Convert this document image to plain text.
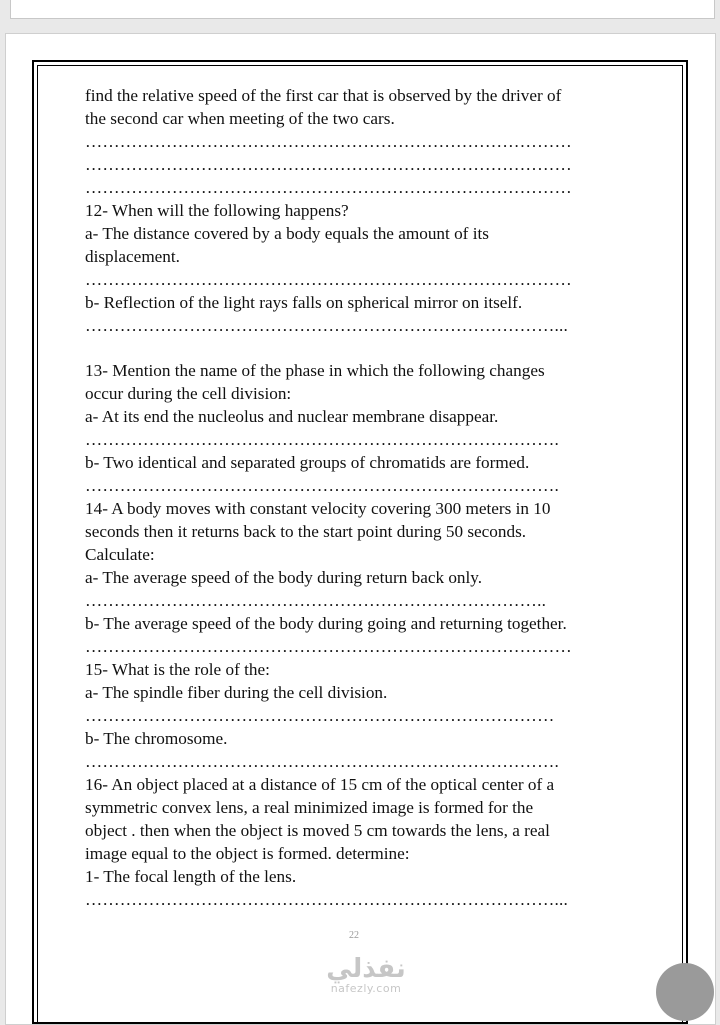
find the relative speed of the first car that is observed by the driver of
the second car when meeting of the two cars.
…………………………………………………………………………
…………………………………………………………………………
…………………………………………………………………………
12- When will the following happens?
a- The distance covered by a body equals the amount of its
displacement.
…………………………………………………………………………
b- Reflection of the light rays falls on spherical mirror on itself.
………………………………………………………………………...
13- Mention the name of the phase in which the following changes
occur during the cell division:
a- At its end the nucleolus and nuclear membrane disappear.
……………………………………………………………………….
b- Two identical and separated groups of chromatids are formed.
……………………………………………………………………….
14- A body moves with constant velocity covering 300 meters in 10
seconds then it returns back to the start point during 50 seconds.
Calculate:
a- The average speed of the body during return back only.
……………………………………………………………………..
b- The average speed of the body during going and returning together.
…………………………………………………………………………
15- What is the role of the:
a- The spindle fiber during the cell division.
………………………………………………………………………
b- The chromosome.
……………………………………………………………………….
16- An object placed at a distance of 15 cm of the optical center of a
symmetric convex lens, a real minimized image is formed for the
object . then when the object is moved 5 cm towards the lens, a real
image equal to the object is formed. determine:
1- The focal length of the lens.
………………………………………………………………………...
22
نفذلي
nafezly.com
